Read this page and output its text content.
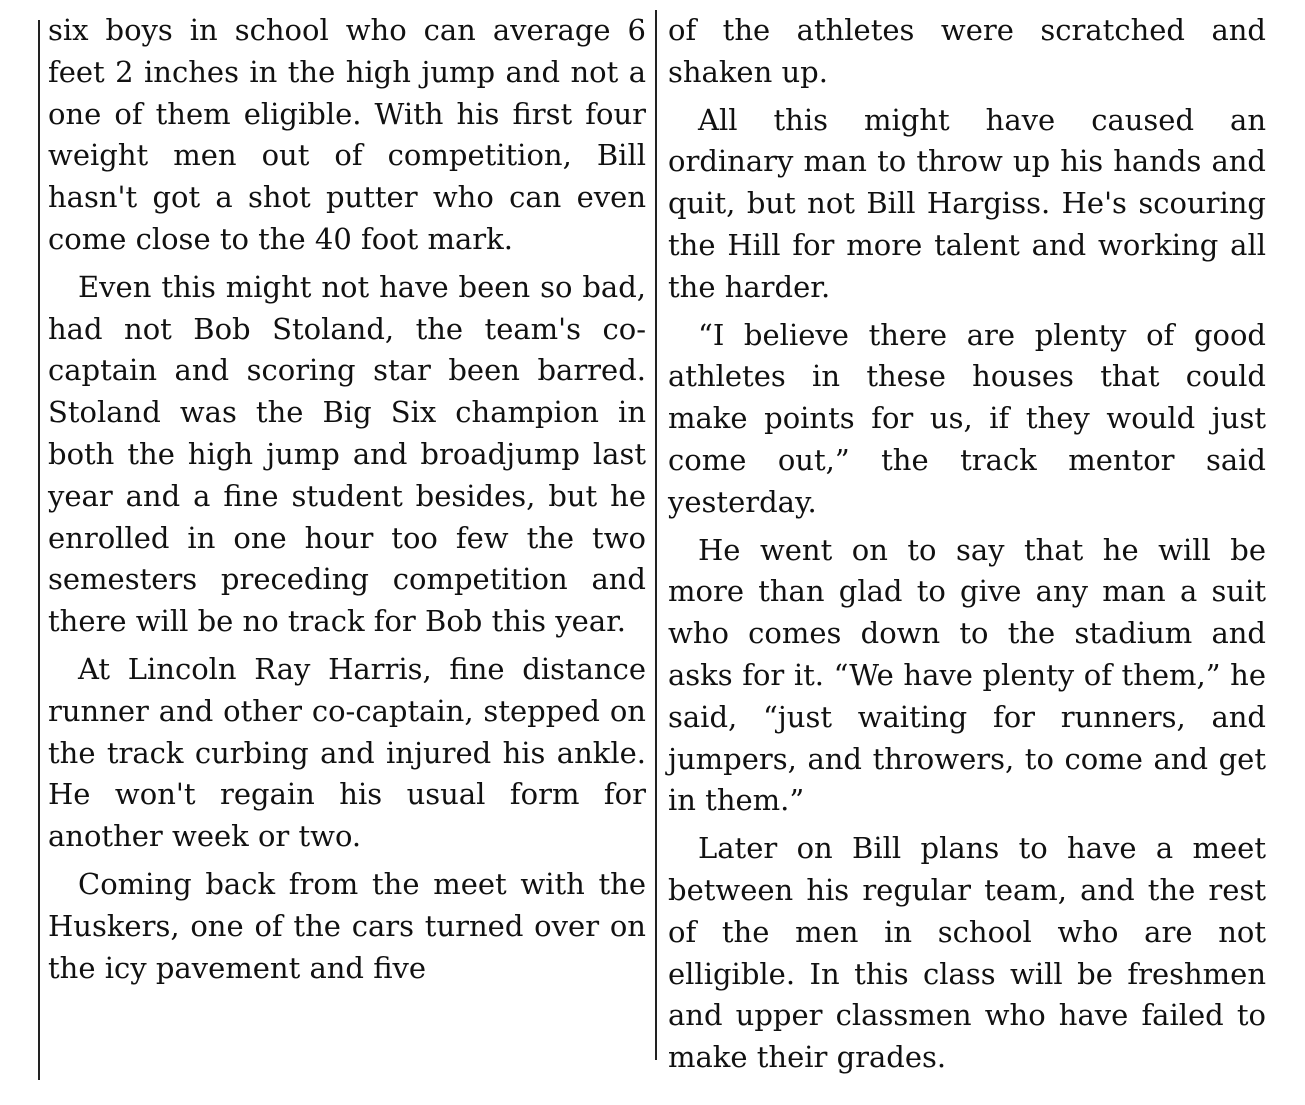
six boys in school who can average 6 feet 2 inches in the high jump and not a one of them eligible. With his first four weight men out of competition, Bill hasn't got a shot putter who can even come close to the 40 foot mark.

Even this might not have been so bad, had not Bob Stoland, the team's co-captain and scoring star been barred. Stoland was the Big Six champion in both the high jump and broadjump last year and a fine student besides, but he enrolled in one hour too few the two semesters preceding competition and there will be no track for Bob this year.

At Lincoln Ray Harris, fine distance runner and other co-captain, stepped on the track curbing and injured his ankle. He won't regain his usual form for another week or two.

Coming back from the meet with the Huskers, one of the cars turned over on the icy pavement and five

of the athletes were scratched and shaken up.

All this might have caused an ordinary man to throw up his hands and quit, but not Bill Hargiss. He's scouring the Hill for more talent and working all the harder.

“I believe there are plenty of good athletes in these houses that could make points for us, if they would just come out,” the track mentor said yesterday.

He went on to say that he will be more than glad to give any man a suit who comes down to the stadium and asks for it. “We have plenty of them,” he said, “just waiting for runners, and jumpers, and throwers, to come and get in them.”

Later on Bill plans to have a meet between his regular team, and the rest of the men in school who are not elligible. In this class will be freshmen and upper classmen who have failed to make their grades.
